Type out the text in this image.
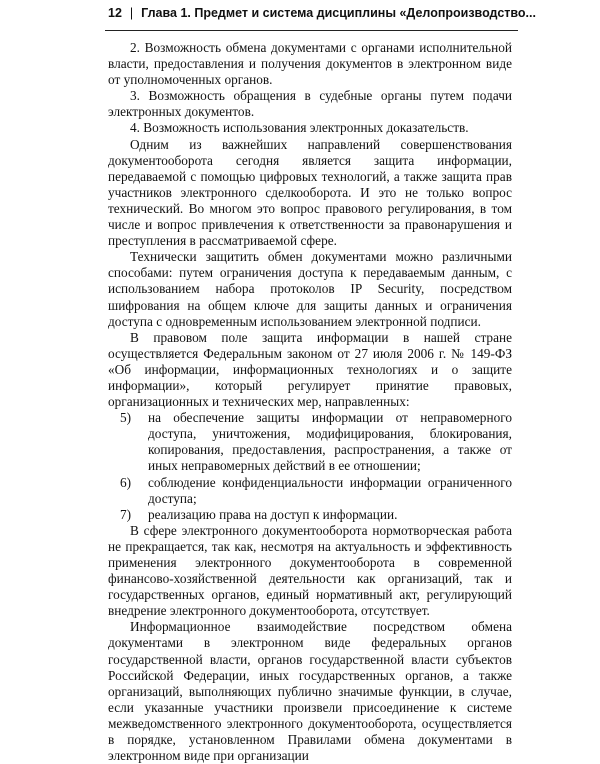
12 | Глава 1. Предмет и система дисциплины «Делопроизводство...

2. Возможность обмена документами с органами исполнительной власти, предоставления и получения документов в электронном виде от уполномоченных органов.

3. Возможность обращения в судебные органы путем подачи электронных документов.

4. Возможность использования электронных доказательств.

Одним из важнейших направлений совершенствования документооборота сегодня является защита информации, передаваемой с помощью цифровых технологий, а также защита прав участников электронного сделкооборота. И это не только вопрос технический. Во многом это вопрос правового регулирования, в том числе и вопрос привлечения к ответственности за правонарушения и преступления в рассматриваемой сфере.

Технически защитить обмен документами можно различными способами: путем ограничения доступа к передаваемым данным, с использованием набора протоколов IP Security, посредством шифрования на общем ключе для защиты данных и ограничения доступа с одновременным использованием электронной подписи.

В правовом поле защита информации в нашей стране осуществляется Федеральным законом от 27 июля 2006 г. № 149-ФЗ «Об информации, информационных технологиях и о защите информации», который регулирует принятие правовых, организационных и технических мер, направленных:

5)	на обеспечение защиты информации от неправомерного доступа, уничтожения, модифицирования, блокирования, копирования, предоставления, распространения, а также от иных неправомерных действий в ее отношении;
6)	соблюдение конфиденциальности информации ограниченного доступа;
7)	реализацию права на доступ к информации.

В сфере электронного документооборота нормотворческая работа не прекращается, так как, несмотря на актуальность и эффективность применения электронного документооборота в современной финансово-хозяйственной деятельности как организаций, так и государственных органов, единый нормативный акт, регулирующий внедрение электронного документооборота, отсутствует.

Информационное взаимодействие посредством обмена документами в электронном виде федеральных органов государственной власти, органов государственной власти субъектов Российской Федерации, иных государственных органов, а также организаций, выполняющих публично значимые функции, в случае, если указанные участники произвели присоединение к системе межведомственного электронного документооборота, осуществляется в порядке, установленном Правилами обмена документами в электронном виде при организации
